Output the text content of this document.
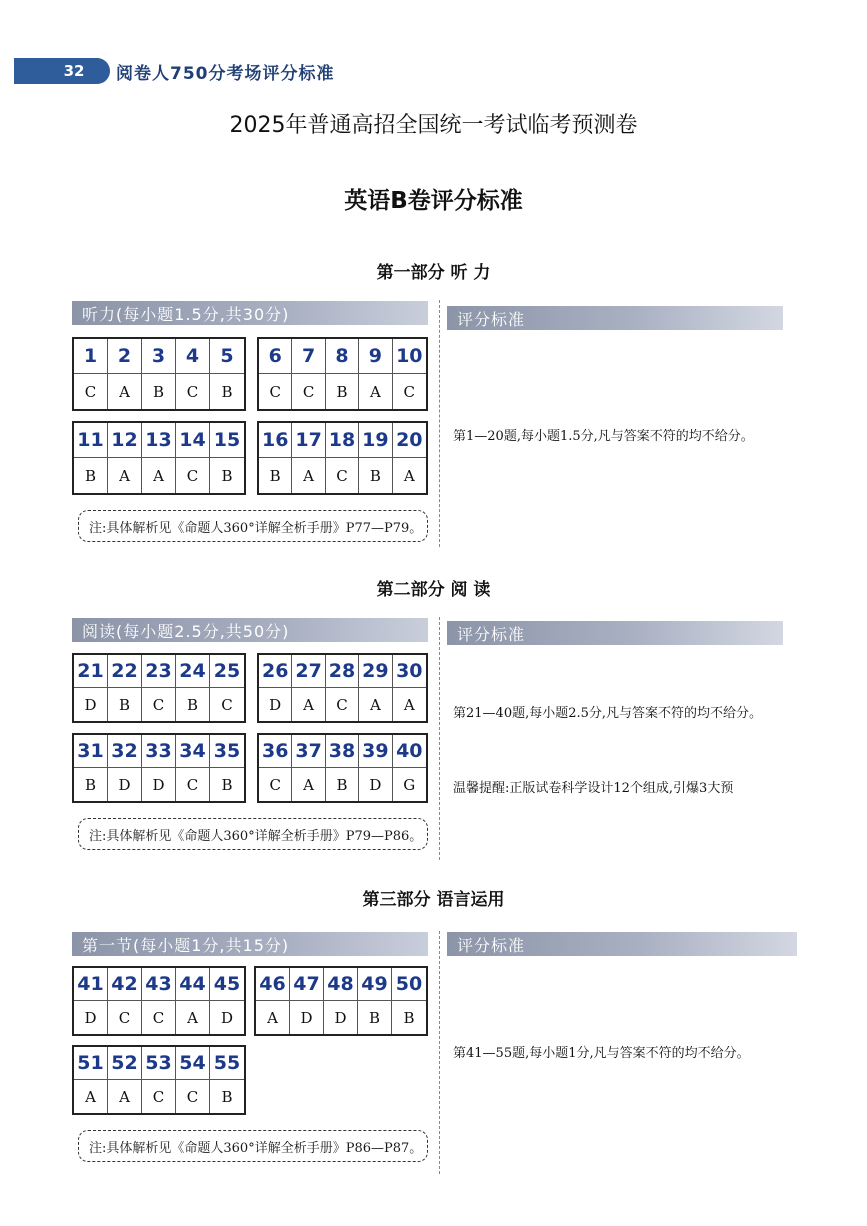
32	阅卷人750分考场评分标准
2025年普通高招全国统一考试临考预测卷
英语B卷评分标准
第一部分 听 力
听力(每小题1.5分,共30分)	评分标准
1	2	3	4	5
C	A	B	C	B
6	7	8	9 10
C	C	B	A	C
11 12 13 14 15
B	A	A	C	B
16 17 18 19 20
B	A	C	B	A
注:具体解析见《命题人360°详解全析手册》P77—P79。
第1—20题,每小题1.5分,凡与答案不符的均不给分。
第二部分 阅 读
阅读(每小题2.5分,共50分)	评分标准
21 22 23 24 25
D	B	C	B	C
26 27 28 29 30
D	A	C	A	A
31 32 33 34 35
B	D	D	C	B
36 37 38 39 40
C	A	B	D	G
注:具体解析见《命题人360°详解全析手册》P79—P86。

第21—40题,每小题2.5分,凡与答案不符的均不给分。

温馨提醒:正版试卷科学设计12个组成,引爆3大预

第三部分 语言运用
第一节(每小题1分,共15分)	评分标准
41 42 43 44 45
D	C	C	A	D
46 47 48 49 50
A	D	D	B	B
51 52 53 54 55
A	A	C	C	B
注:具体解析见《命题人360°详解全析手册》P86—P87。
第41—55题,每小题1分,凡与答案不符的均不给分。
